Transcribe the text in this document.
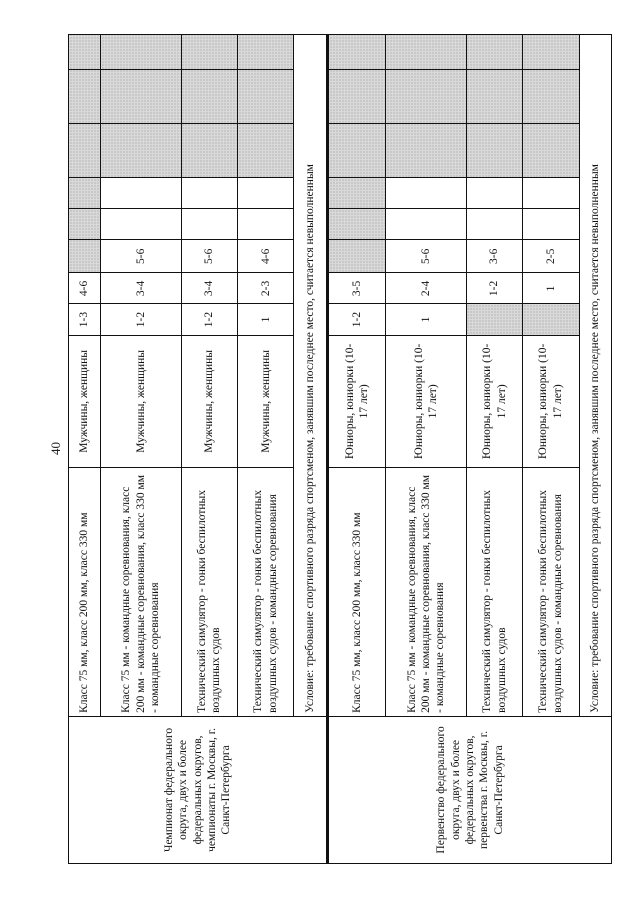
40
Чемпионат федерального округа, двух и более федеральных округов, чемпионаты г. Москвы, г. Санкт-Петербурга	Класс 75 мм, класс 200 мм, класс 330 мм	Мужчины, женщины	1-3	4-6						
	Класс 75 мм - командные соревнования, класс 200 мм - командные соревнования, класс 330 мм - командные соревнования	Мужчины, женщины	1-2	3-4	5-6					
	Технический симулятор - гонки беспилотных воздушных судов	Мужчины, женщины	1-2	3-4	5-6					
	Технический симулятор - гонки беспилотных воздушных судов - командные соревнования	Мужчины, женщины	1	2-3	4-6					
	Условие: требование спортивного разряда спортсменом, занявшим последнее место, считается невыполненным									
Первенство федерального округа, двух и более федеральных округов, первенства г. Москвы, г. Санкт-Петербурга	Класс 75 мм, класс 200 мм, класс 330 мм	Юниоры, юниорки (10-17 лет)	1-2	3-5						
	Класс 75 мм - командные соревнования, класс 200 мм - командные соревнования, класс 330 мм - командные соревнования	Юниоры, юниорки (10-17 лет)	1	2-4	5-6					
	Технический симулятор - гонки беспилотных воздушных судов	Юниоры, юниорки (10-17 лет)		1-2	3-6					
	Технический симулятор - гонки беспилотных воздушных судов - командные соревнования	Юниоры, юниорки (10-17 лет)		1	2-5					
	Условие: требование спортивного разряда спортсменом, занявшим последнее место, считается невыполненным									
